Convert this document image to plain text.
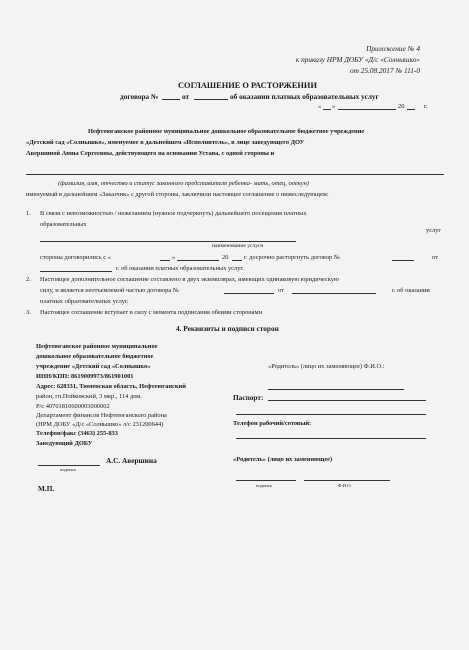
Приложение № 4
к приказу НРМ ДОБУ «Д/с «Солнышко»
от 25.08.2017 № 111-0
СОГЛАШЕНИЕ О РАСТОРЖЕНИИ
договора №	от	об оказании платных образовательных услуг
« »	20	г.
Нефтеюганское районное муниципальное дошкольное образовательное бюджетное учреждение
«Детский сад «Солнышко», именуемое в дальнейшем «Исполнитель», в лице заведующего ДОУ
Авершиной Анны Сергеевны, действующего на основании Устава, с одной стороны и
(фамилия, имя, отчество и статус законного представителя ребенка- мать, отец, опекун)
именуемый в дальнейшем «Заказчик» с другой стороны, заключили настоящее соглашение о нижеследующем:
1. В связи с невозможностью / нежеланием (нужное подчеркнуть) дальнейшего посещения платных
образовательных
услуг
наименование услуги
стороны договорились с «	»	20 г. досрочно расторгнуть договор №	от
г. об оказании платных образовательных услуг.
2. Настоящее дополнительное соглашение составлено в двух экземплярах, имеющих одинаковую юридическую
силу, и является неотъемлемой частью договора №	от	г. об оказании
платных образовательных услуг.
3. Настоящее соглашение вступает в силу с момента подписания обеими сторонами
4. Реквизиты и подписи сторон
Нефтеюганское районное муниципальное
дошкольное образовательное бюджетное
учреждение «Детский сад «Солнышко»
ИНН/КПП: 8619009973/861901001
Адрес: 628331, Тюменская область, Нефтеюганский
район, гп.Пойковский, 3 мкр., 114 дом.
Р/с 40701810600003000002
Департамент финансов Нефтеюганского района
(НРМ ДОБУ «Д/с «Солнышко» л/с 231200644)
Телефон/факс (3463) 255-833
Заведующий ДОБУ
А.С. Авершина
подпись
М.П.
«Родитель» (лицо их заменяющее) Ф.И.О.:
Паспорт:
Телефон рабочий/сотовый:
«Родитель» (лицо их заменяющее)
подпись	Ф.И.О.
